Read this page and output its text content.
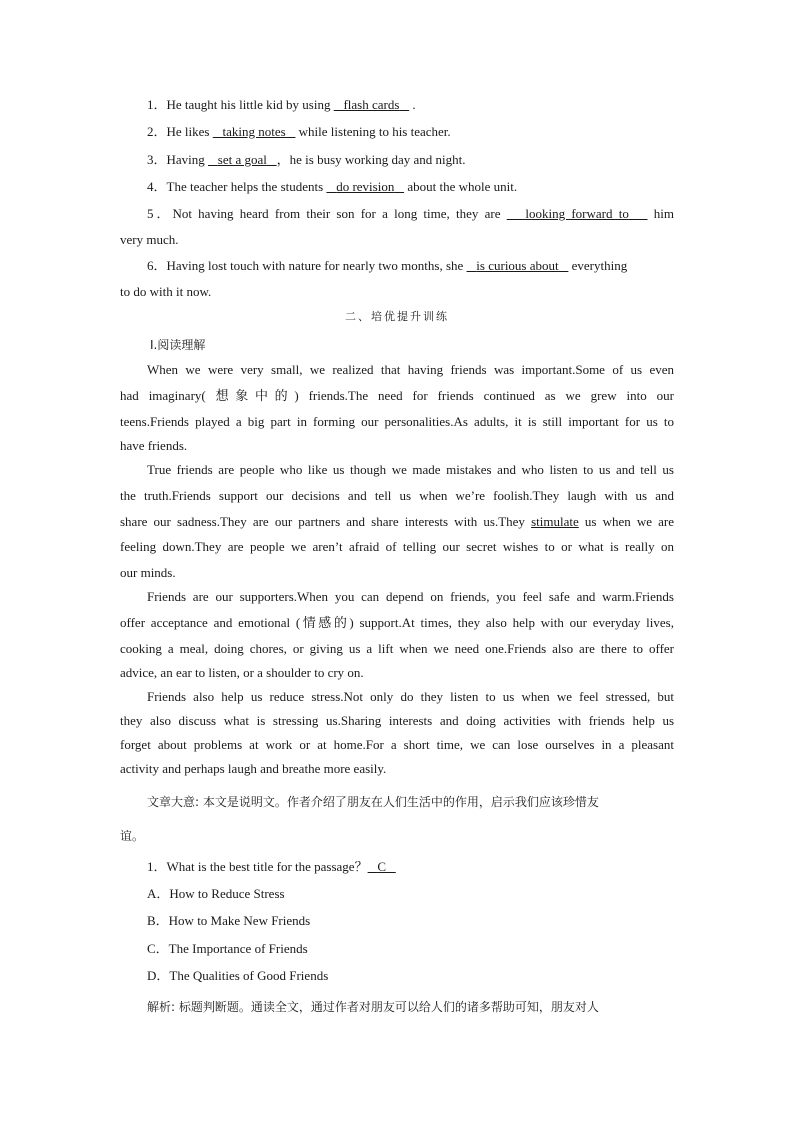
1．He taught his little kid by using flash cards .
2．He likes taking notes while listening to his teacher.
3．Having set a goal ，he is busy working day and night.
4．The teacher helps the students do revision about the whole unit.
5．Not having heard from their son for a long time, they are looking forward to him
very much.
6．Having lost touch with nature for nearly two months, she is curious about everything
to do with it now.
二、培优提升训练
Ⅰ.阅读理解
When we were very small, we realized that having friends was important.Some of us even
had imaginary( 想象中的) friends.The need for friends continued as we grew into our
teens.Friends played a big part in forming our personalities.As adults, it is still important for us to
have friends.
True friends are people who like us though we made mistakes and who listen to us and tell us
the truth.Friends support our decisions and tell us when we’re foolish.They laugh with us and
share our sadness.They are our partners and share interests with us.They stimulate us when we are
feeling down.They are people we aren’t afraid of telling our secret wishes to or what is really on
our minds.
Friends are our supporters.When you can depend on friends, you feel safe and warm.Friends
offer acceptance and emotional (情感的) support.At times, they also help with our everyday lives,
cooking a meal, doing chores, or giving us a lift when we need one.Friends also are there to offer
advice, an ear to listen, or a shoulder to cry on.
Friends also help us reduce stress.Not only do they listen to us when we feel stressed, but
they also discuss what is stressing us.Sharing interests and doing activities with friends help us
forget about problems at work or at home.For a short time, we can lose ourselves in a pleasant
activity and perhaps laugh and breathe more easily.
文章大意: 本文是说明文。作者介绍了朋友在人们生活中的作用，启示我们应该珍惜友
谊。
1．What is the best title for the passage？ C
A．How to Reduce Stress
B．How to Make New Friends
C．The Importance of Friends
D．The Qualities of Good Friends
解析: 标题判断题。通读全文，通过作者对朋友可以给人们的诸多帮助可知，朋友对人
